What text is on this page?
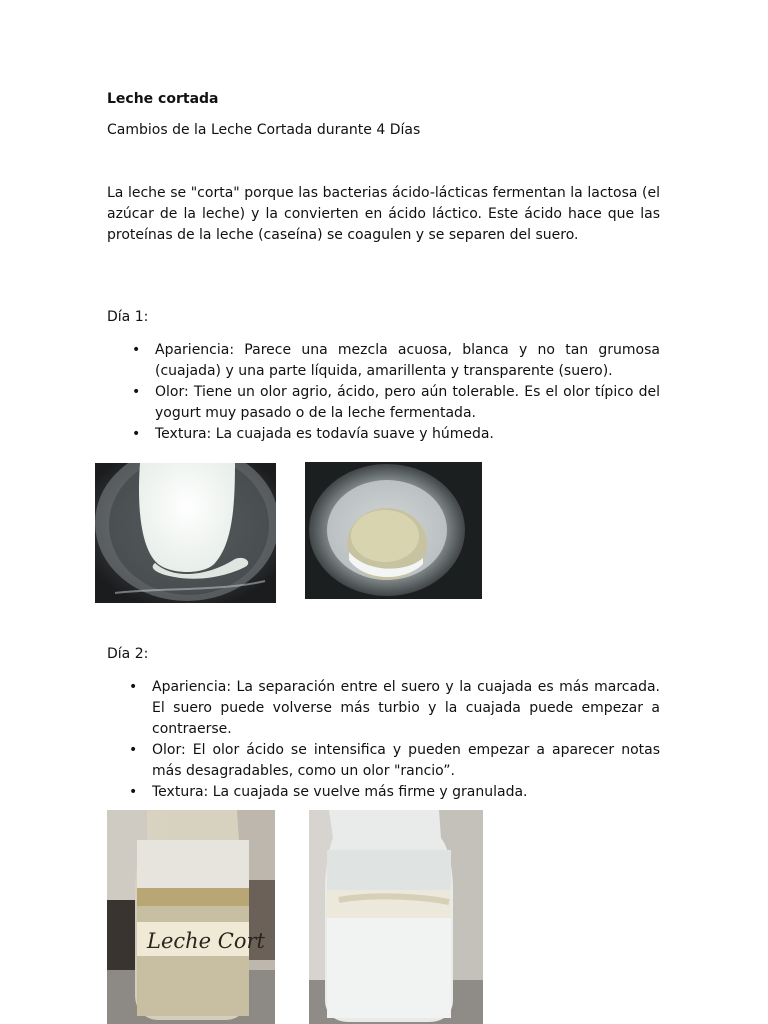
Leche cortada
Cambios de la Leche Cortada durante 4 Días
La leche se "corta" porque las bacterias ácido-lácticas fermentan la lactosa (el azúcar de la leche) y la convierten en ácido láctico. Este ácido hace que las proteínas de la leche (caseína) se coagulen y se separen del suero.
Día 1:
• Apariencia: Parece una mezcla acuosa, blanca y no tan grumosa (cuajada) y una parte líquida, amarillenta y transparente (suero).
• Olor: Tiene un olor agrio, ácido, pero aún tolerable. Es el olor típico del yogurt muy pasado o de la leche fermentada.
• Textura: La cuajada es todavía suave y húmeda.
Día 2:
• Apariencia: La separación entre el suero y la cuajada es más marcada. El suero puede volverse más turbio y la cuajada puede empezar a contraerse.
• Olor: El olor ácido se intensifica y pueden empezar a aparecer notas más desagradables, como un olor "rancio”.
• Textura: La cuajada se vuelve más firme y granulada.
Leche Cort
